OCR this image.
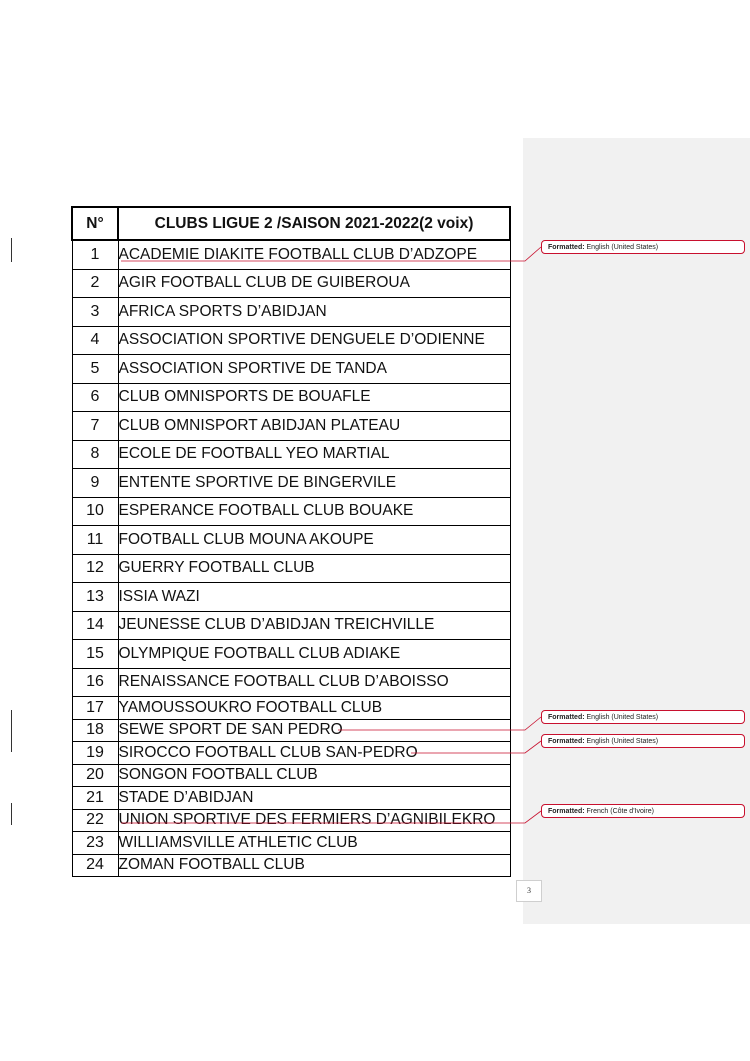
N°	CLUBS LIGUE 2 /SAISON 2021-2022(2 voix)
1	ACADEMIE DIAKITE FOOTBALL CLUB D’ADZOPE
2	AGIR FOOTBALL CLUB DE GUIBEROUA
3	AFRICA SPORTS D’ABIDJAN
4	ASSOCIATION SPORTIVE DENGUELE D’ODIENNE
5	ASSOCIATION SPORTIVE DE TANDA
6	CLUB OMNISPORTS DE BOUAFLE
7	CLUB OMNISPORT ABIDJAN PLATEAU
8	ECOLE DE FOOTBALL YEO MARTIAL
9	ENTENTE SPORTIVE DE BINGERVILE
10	ESPERANCE FOOTBALL CLUB BOUAKE
11	FOOTBALL CLUB MOUNA AKOUPE
12	GUERRY FOOTBALL CLUB
13	ISSIA WAZI
14	JEUNESSE CLUB D’ABIDJAN TREICHVILLE
15	OLYMPIQUE FOOTBALL CLUB ADIAKE
16	RENAISSANCE FOOTBALL CLUB D’ABOISSO
17	YAMOUSSOUKRO FOOTBALL CLUB
18	SEWE SPORT DE SAN PEDRO
19	SIROCCO FOOTBALL CLUB SAN-PEDRO
20	SONGON FOOTBALL CLUB
21	STADE D’ABIDJAN
22	UNION SPORTIVE DES FERMIERS D’AGNIBILEKRO
23	WILLIAMSVILLE ATHLETIC CLUB
24	ZOMAN FOOTBALL CLUB
Formatted: English (United States)
Formatted: English (United States)
Formatted: English (United States)
Formatted: French (Côte d'Ivoire)
3
